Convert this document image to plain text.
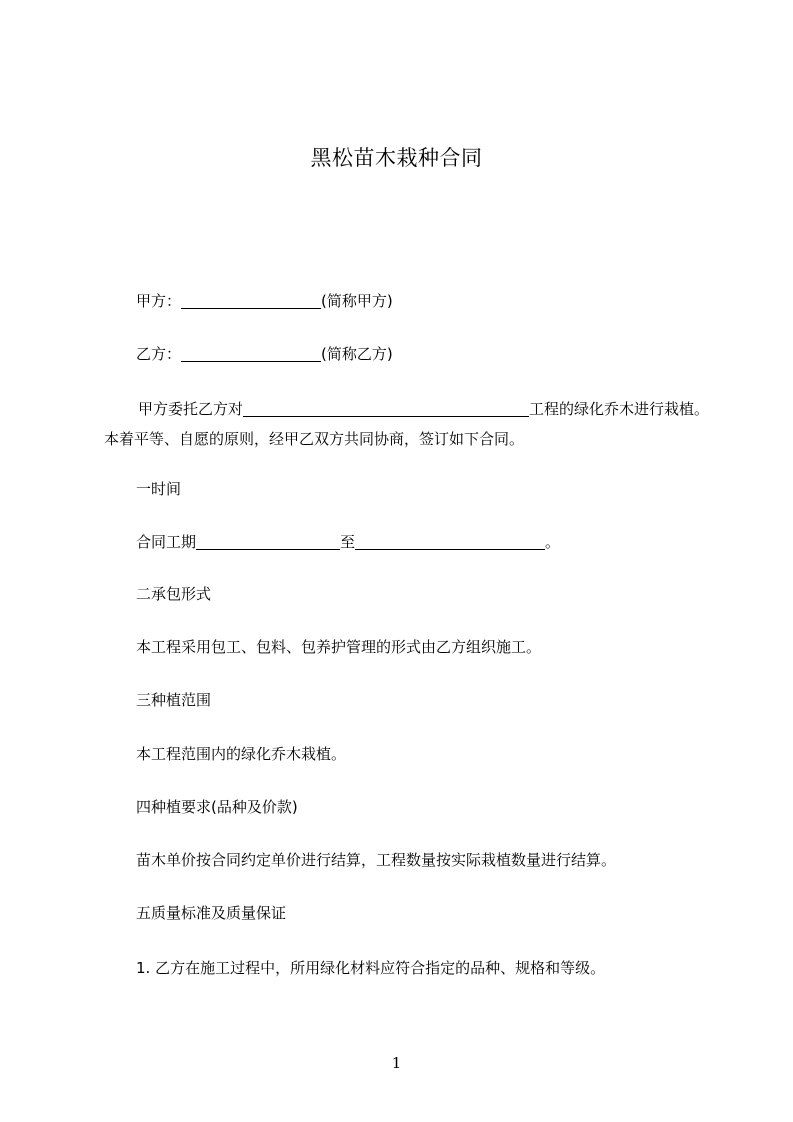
黑松苗木栽种合同
甲方：	(简称甲方)
乙方：	(简称乙方)
甲方委托乙方对	工程的绿化乔木进行栽植。本着平等、自愿的原则，经甲乙双方共同协商，签订如下合同。
一时间
合同工期	至	。
二承包形式
本工程采用包工、包料、包养护管理的形式由乙方组织施工。
三种植范围
本工程范围内的绿化乔木栽植。
四种植要求(品种及价款)
苗木单价按合同约定单价进行结算，工程数量按实际栽植数量进行结算。
五质量标准及质量保证
1. 乙方在施工过程中，所用绿化材料应符合指定的品种、规格和等级。
1
